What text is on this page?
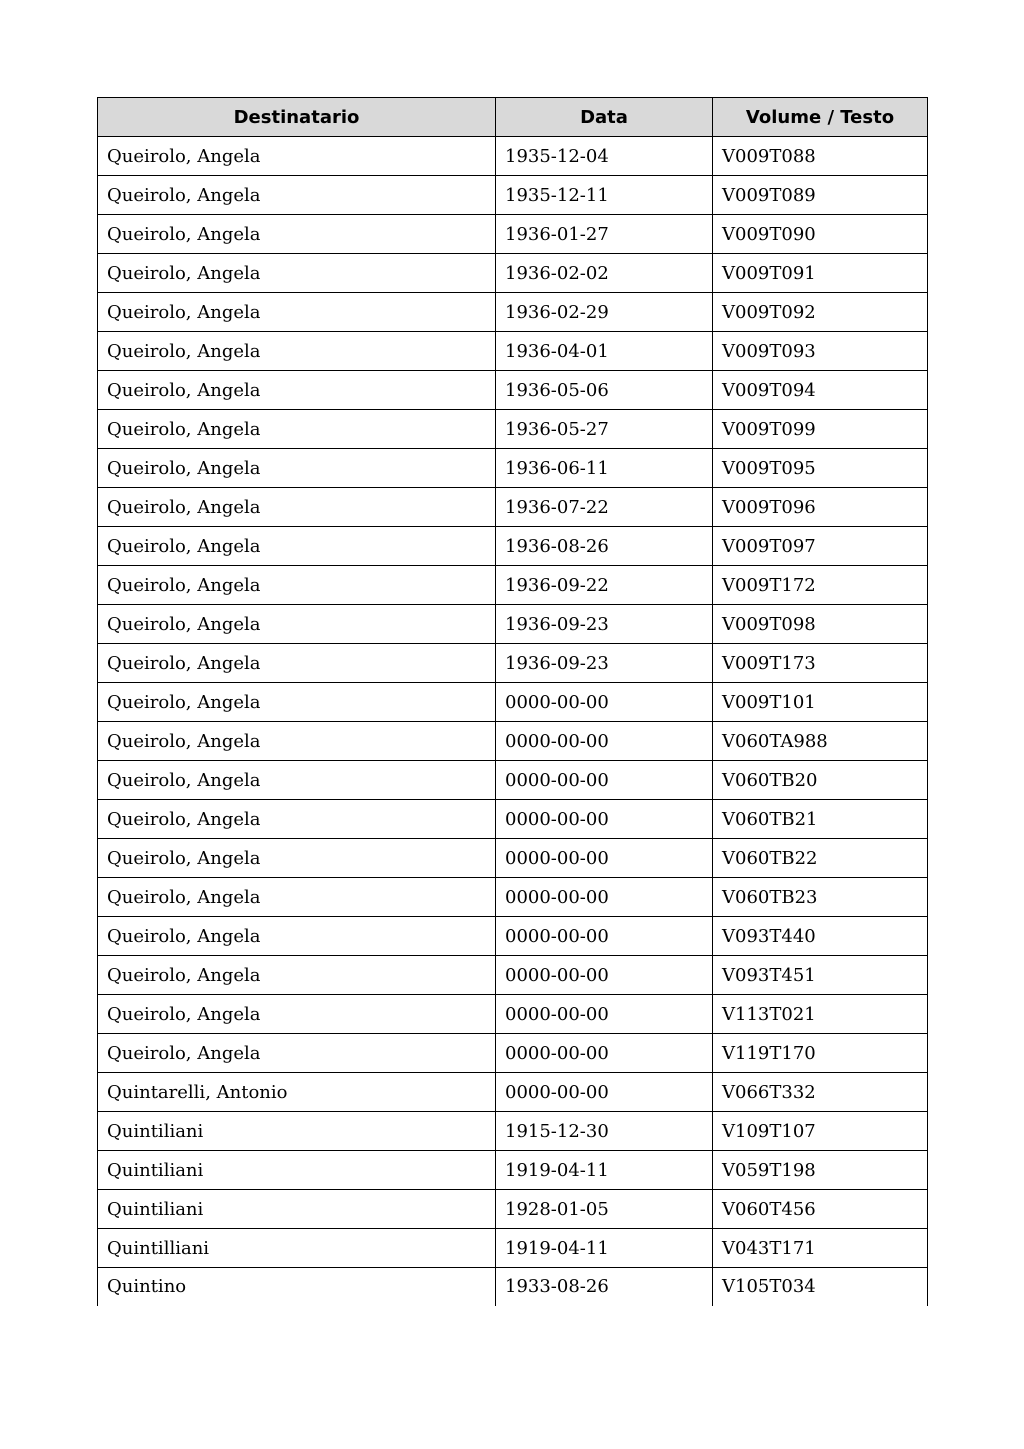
Destinatario	Data	Volume / Testo
Queirolo, Angela	1935-12-04	V009T088
Queirolo, Angela	1935-12-11	V009T089
Queirolo, Angela	1936-01-27	V009T090
Queirolo, Angela	1936-02-02	V009T091
Queirolo, Angela	1936-02-29	V009T092
Queirolo, Angela	1936-04-01	V009T093
Queirolo, Angela	1936-05-06	V009T094
Queirolo, Angela	1936-05-27	V009T099
Queirolo, Angela	1936-06-11	V009T095
Queirolo, Angela	1936-07-22	V009T096
Queirolo, Angela	1936-08-26	V009T097
Queirolo, Angela	1936-09-22	V009T172
Queirolo, Angela	1936-09-23	V009T098
Queirolo, Angela	1936-09-23	V009T173
Queirolo, Angela	0000-00-00	V009T101
Queirolo, Angela	0000-00-00	V060TA988
Queirolo, Angela	0000-00-00	V060TB20
Queirolo, Angela	0000-00-00	V060TB21
Queirolo, Angela	0000-00-00	V060TB22
Queirolo, Angela	0000-00-00	V060TB23
Queirolo, Angela	0000-00-00	V093T440
Queirolo, Angela	0000-00-00	V093T451
Queirolo, Angela	0000-00-00	V113T021
Queirolo, Angela	0000-00-00	V119T170
Quintarelli, Antonio	0000-00-00	V066T332
Quintiliani	1915-12-30	V109T107
Quintiliani	1919-04-11	V059T198
Quintiliani	1928-01-05	V060T456
Quintilliani	1919-04-11	V043T171
Quintino	1933-08-26	V105T034
